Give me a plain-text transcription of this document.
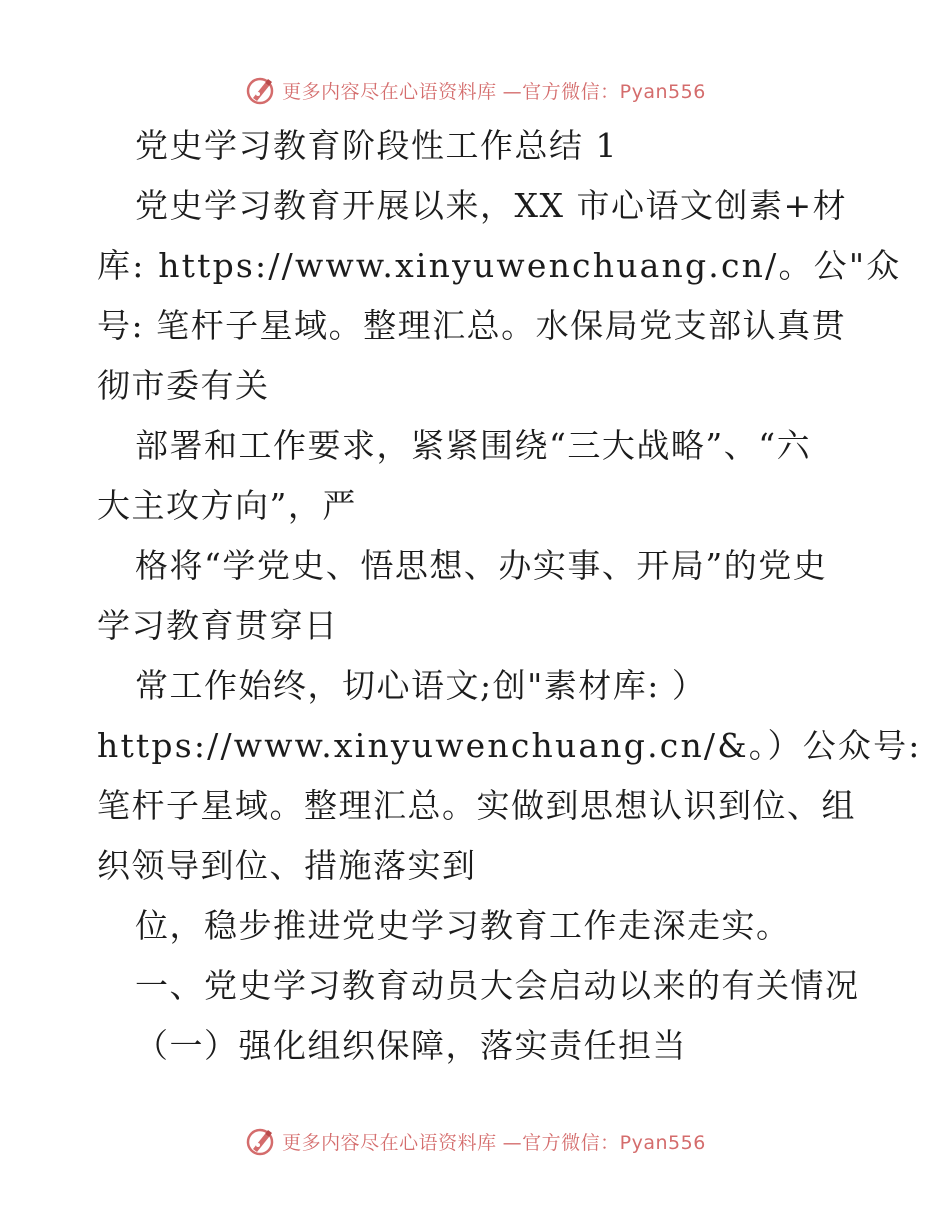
更多内容尽在心语资料库 —官方微信：Pyan556
党史学习教育阶段性工作总结 1
党史学习教育开展以来，XX 市心语文创素+材
库: https://www.xinyuwenchuang.cn/。公"众
号: 笔杆子星域。整理汇总。水保局党支部认真贯
彻市委有关
部署和工作要求，紧紧围绕“三大战略”、“六
大主攻方向”，严
格将“学党史、悟思想、办实事、开局”的党史
学习教育贯穿日
常工作始终，切心语文;创"素材库: ）
https://www.xinyuwenchuang.cn/&。）公众号:
笔杆子星域。整理汇总。实做到思想认识到位、组
织领导到位、措施落实到
位，稳步推进党史学习教育工作走深走实。
一、党史学习教育动员大会启动以来的有关情况
（一）强化组织保障，落实责任担当
更多内容尽在心语资料库 —官方微信：Pyan556
